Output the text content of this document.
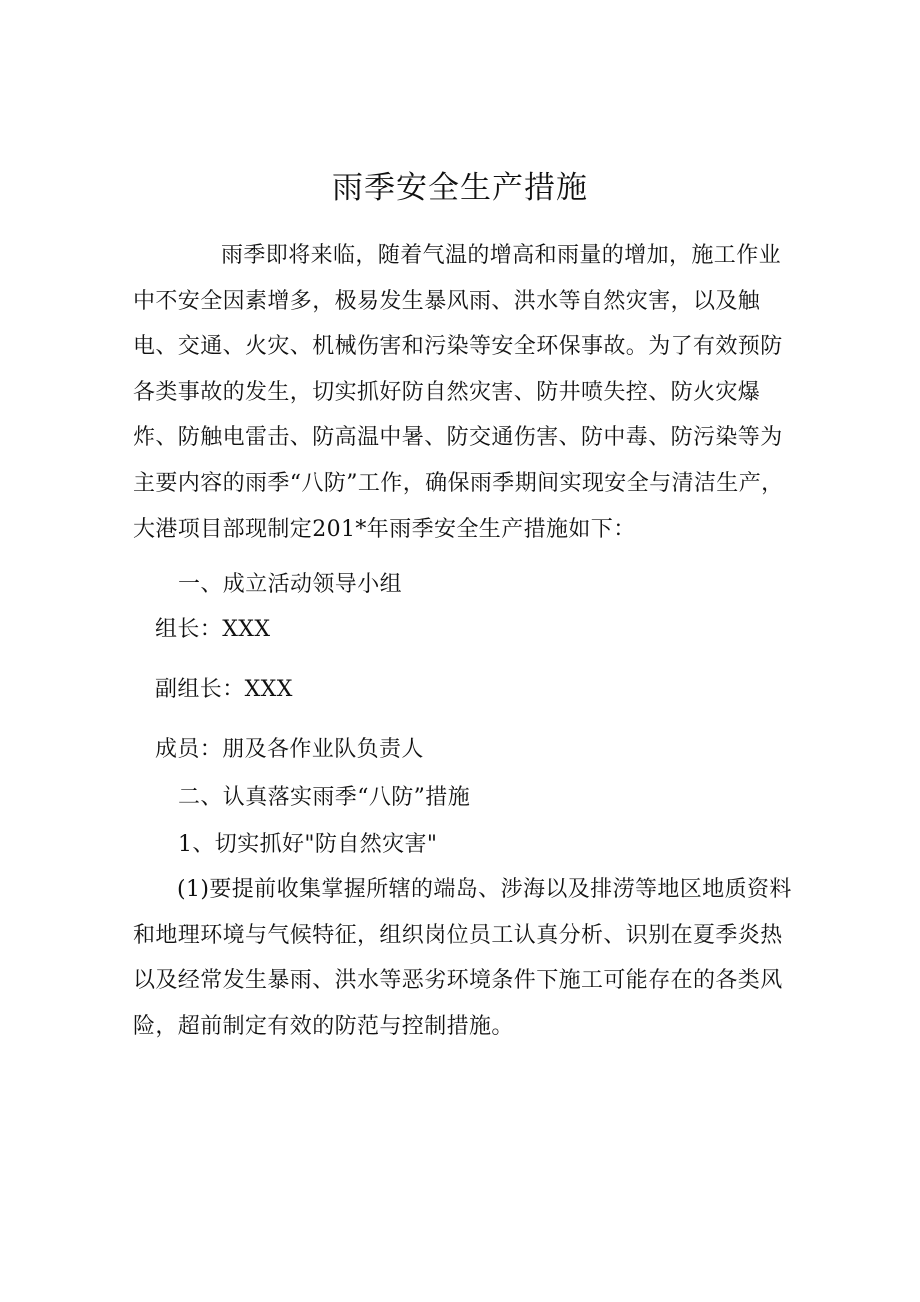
雨季安全生产措施
雨季即将来临，随着气温的增高和雨量的增加，施工作业中不安全因素增多，极易发生暴风雨、洪水等自然灾害，以及触电、交通、火灾、机械伤害和污染等安全环保事故。为了有效预防各类事故的发生，切实抓好防自然灾害、防井喷失控、防火灾爆炸、防触电雷击、防高温中暑、防交通伤害、防中毒、防污染等为主要内容的雨季“八防”工作，确保雨季期间实现安全与清洁生产，大港项目部现制定201*年雨季安全生产措施如下：
一、成立活动领导小组
组长：XXX
副组长：XXX
成员：朋及各作业队负责人
二、认真落实雨季“八防”措施
1、切实抓好"防自然灾害"
(1)要提前收集掌握所辖的端岛、涉海以及排涝等地区地质资料和地理环境与气候特征，组织岗位员工认真分析、识别在夏季炎热以及经常发生暴雨、洪水等恶劣环境条件下施工可能存在的各类风险，超前制定有效的防范与控制措施。
